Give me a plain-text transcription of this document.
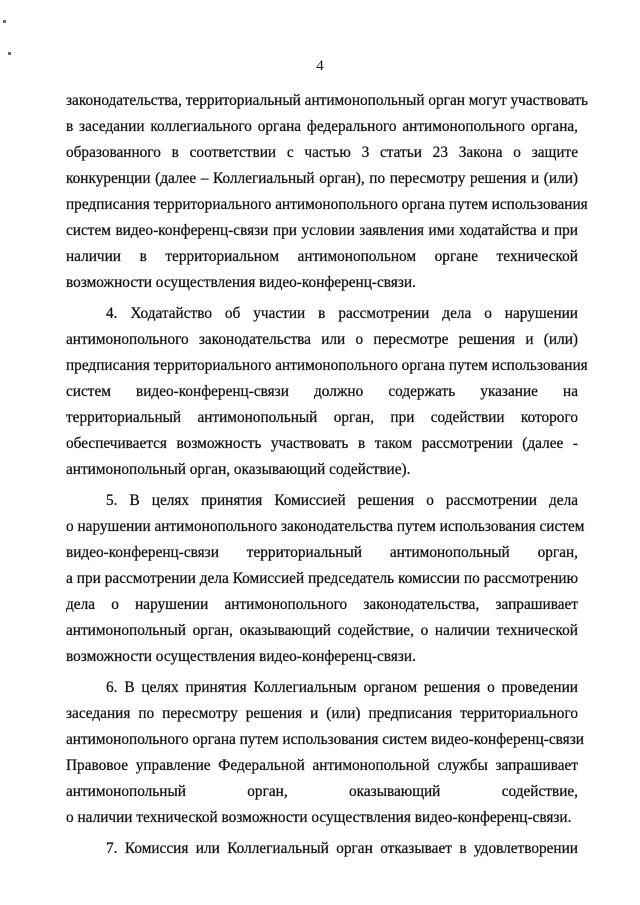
4
законодательства, территориальный антимонопольный орган могут участвовать
в заседании коллегиального органа федерального антимонопольного органа,
образованного в соответствии с частью 3 статьи 23 Закона о защите
конкуренции (далее – Коллегиальный орган), по пересмотру решения и (или)
предписания территориального антимонопольного органа путем использования
систем видео-конференц-связи при условии заявления ими ходатайства и при
наличии в территориальном антимонопольном органе технической
возможности осуществления видео-конференц-связи.
4. Ходатайство об участии в рассмотрении дела о нарушении
антимонопольного законодательства или о пересмотре решения и (или)
предписания территориального антимонопольного органа путем использования
систем видео-конференц-связи должно содержать указание на
территориальный антимонопольный орган, при содействии которого
обеспечивается возможность участвовать в таком рассмотрении (далее -
антимонопольный орган, оказывающий содействие).
5. В целях принятия Комиссией решения о рассмотрении дела
о нарушении антимонопольного законодательства путем использования систем
видео-конференц-связи территориальный антимонопольный орган,
а при рассмотрении дела Комиссией председатель комиссии по рассмотрению
дела о нарушении антимонопольного законодательства, запрашивает
антимонопольный орган, оказывающий содействие, о наличии технической
возможности осуществления видео-конференц-связи.
6. В целях принятия Коллегиальным органом решения о проведении
заседания по пересмотру решения и (или) предписания территориального
антимонопольного органа путем использования систем видео-конференц-связи
Правовое управление Федеральной антимонопольной службы запрашивает
антимонопольный орган, оказывающий содействие,
о наличии технической возможности осуществления видео-конференц-связи.
7. Комиссия или Коллегиальный орган отказывает в удовлетворении
